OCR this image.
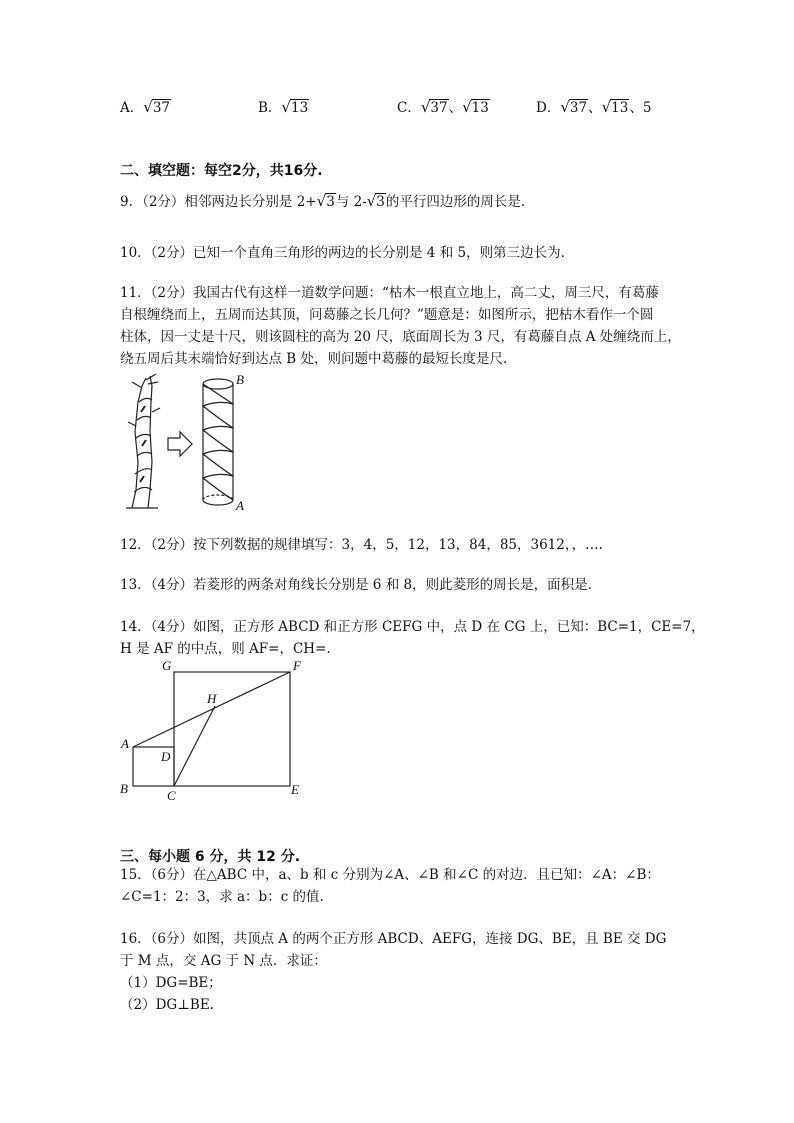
A．√37	B．√13	C．√37、√13	D．√37、√13、5
二、填空题：每空2分，共16分.
9．（2分）相邻两边长分别是 2+√3与 2-√3的平行四边形的周长是.
10．（2分）已知一个直角三角形的两边的长分别是 4 和 5，则第三边长为.
11．（2分）我国古代有这样一道数学问题：“枯木一根直立地上，高二丈，周三尺，有葛藤
自根缠绕而上，五周而达其顶，问葛藤之长几何？”题意是：如图所示，把枯木看作一个圆
柱体，因一丈是十尺，则该圆柱的高为 20 尺，底面周长为 3 尺，有葛藤自点 A 处缠绕而上，
绕五周后其末端恰好到达点 B 处，则问题中葛藤的最短长度是尺.
B
A
12．（2分）按下列数据的规律填写：3，4，5，12，13，84，85，3612，，….
13．（4分）若菱形的两条对角线长分别是 6 和 8，则此菱形的周长是，面积是.
14．（4分）如图，正方形 ABCD 和正方形 CEFG 中，点 D 在 CG 上，已知：BC=1，CE=7，
H 是 AF 的中点，则 AF=，CH=.
G	F
H
A
D
B	C	E
三、每小题 6 分，共 12 分.
15．（6分）在△ABC 中，a、b 和 c 分别为∠A、∠B 和∠C 的对边．且已知：∠A：∠B：
∠C=1：2：3，求 a：b：c 的值.
16．（6分）如图，共顶点 A 的两个正方形 ABCD、AEFG，连接 DG、BE，且 BE 交 DG
于 M 点，交 AG 于 N 点．求证：
（1）DG=BE；
（2）DG⊥BE.
